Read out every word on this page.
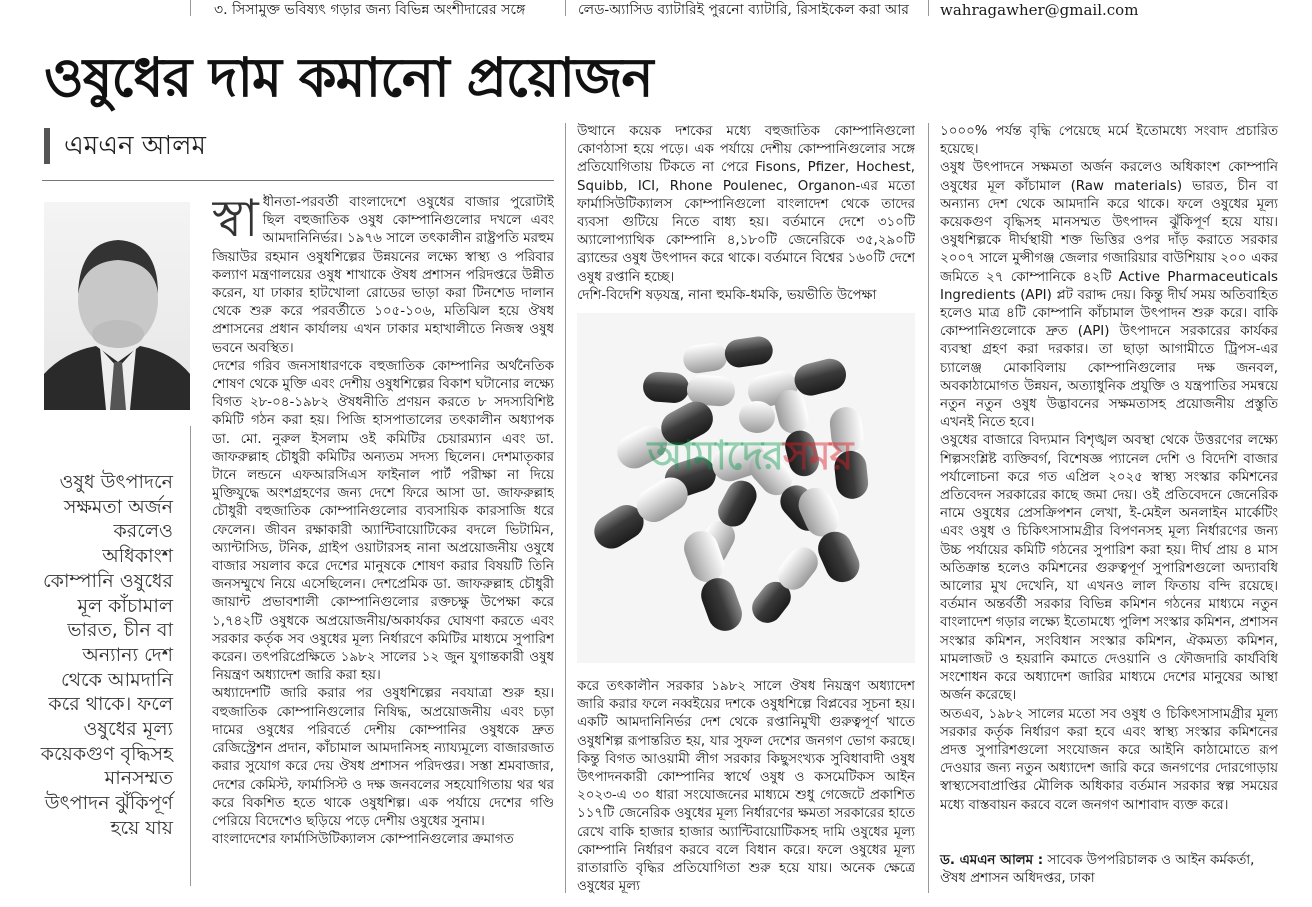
৩. সিসামুক্ত ভবিষ্যৎ গড়ার জন্য বিভিন্ন অংশীদারের সঙ্গে	লেড-অ্যাসিড ব্যাটারিই পুরনো ব্যাটারি, রিসাইকেল করা আর	wahragawher@gmail.com
ওষুধের দাম কমানো প্রয়োজন
এমএন আলম
ওষুধ উৎপাদনে সক্ষমতা অর্জন করলেও অধিকাংশ কোম্পানি ওষুধের মূল কাঁচামাল ভারত, চীন বা অন্যান্য দেশ থেকে আমদানি করে থাকে। ফলে ওষুধের মূল্য কয়েকগুণ বৃদ্ধিসহ মানসম্মত উৎপাদন ঝুঁকিপূর্ণ হয়ে যায়

স্বা ধীনতা-পরবর্তী বাংলাদেশে ওষুধের বাজার পুরোটাই ছিল বহুজাতিক ওষুধ কোম্পানিগুলোর দখলে এবং আমদানিনির্ভর। ১৯৭৬ সালে তৎকালীন রাষ্ট্রপতি মরহুম জিয়াউর রহমান ওষুধশিল্পের উন্নয়নের লক্ষ্যে স্বাস্থ্য ও পরিবার কল্যাণ মন্ত্রণালয়ের ওষুধ শাখাকে ঔষধ প্রশাসন পরিদপ্তরে উন্নীত করেন, যা ঢাকার হাটখোলা রোডের ভাড়া করা টিনশেড দালান থেকে শুরু করে পরবর্তীতে ১০৫-১০৬, মতিঝিল হয়ে ঔষধ প্রশাসনের প্রধান কার্যালয় এখন ঢাকার মহাখালীতে নিজস্ব ওষুধ ভবনে অবস্থিত।

দেশের গরিব জনসাধারণকে বহুজাতিক কোম্পানির অর্থনৈতিক শোষণ থেকে মুক্তি এবং দেশীয় ওষুধশিল্পের বিকাশ ঘটানোর লক্ষ্যে বিগত ২৮-০৪-১৯৮২ ঔষধনীতি প্রণয়ন করতে ৮ সদস্যবিশিষ্ট কমিটি গঠন করা হয়। পিজি হাসপাতালের তৎকালীন অধ্যাপক ডা. মো. নুরুল ইসলাম ওই কমিটির চেয়ারম্যান এবং ডা. জাফরুল্লাহ চৌধুরী কমিটির অন্যতম সদস্য ছিলেন। দেশমাতৃকার টানে লন্ডনে এফআরসিএস ফাইনাল পার্ট পরীক্ষা না দিয়ে মুক্তিযুদ্ধে অংশগ্রহণের জন্য দেশে ফিরে আসা ডা. জাফরুল্লাহ চৌধুরী বহুজাতিক কোম্পানিগুলোর ব্যবসায়িক কারসাজি ধরে ফেলেন। জীবন রক্ষাকারী অ্যান্টিবায়োটিকের বদলে ভিটামিন, অ্যান্টাসিড, টনিক, গ্রাইপ ওয়াটারসহ নানা অপ্রয়োজনীয় ওষুধে বাজার সয়লাব করে দেশের মানুষকে শোষণ করার বিষয়টি তিনি জনসম্মুখে নিয়ে এসেছিলেন। দেশপ্রেমিক ডা. জাফরুল্লাহ চৌধুরী জায়ান্ট প্রভাবশালী কোম্পানিগুলোর রক্তচক্ষু উপেক্ষা করে ১,৭৪২টি ওষুধকে অপ্রয়োজনীয়/অকার্যকর ঘোষণা করতে এবং সরকার কর্তৃক সব ওষুধের মূল্য নির্ধারণে কমিটির মাধ্যমে সুপারিশ করেন। তৎপরিপ্রেক্ষিতে ১৯৮২ সালের ১২ জুন যুগান্তকারী ওষুধ নিয়ন্ত্রণ অধ্যাদেশ জারি করা হয়।

অধ্যাদেশটি জারি করার পর ওষুধশিল্পের নবযাত্রা শুরু হয়। বহুজাতিক কোম্পানিগুলোর নিষিদ্ধ, অপ্রয়োজনীয় এবং চড়া দামের ওষুধের পরিবর্তে দেশীয় কোম্পানির ওষুধকে দ্রুত রেজিস্ট্রেশন প্রদান, কাঁচামাল আমদানিসহ ন্যায্যমূল্যে বাজারজাত করার সুযোগ করে দেয় ঔষধ প্রশাসন পরিদপ্তর। সস্তা শ্রমবাজার, দেশের কেমিস্ট, ফার্মাসিস্ট ও দক্ষ জনবলের সহযোগিতায় থর থর করে বিকশিত হতে থাকে ওষুধশিল্প। এক পর্যায়ে দেশের গণ্ডি পেরিয়ে বিদেশেও ছড়িয়ে পড়ে দেশীয় ওষুধের সুনাম।

বাংলাদেশের ফার্মাসিউটিক্যালস কোম্পানিগুলোর ক্রমাগত

উত্থানে কয়েক দশকের মধ্যে বহুজাতিক কোম্পানিগুলো কোণঠাসা হয়ে পড়ে। এক পর্যায়ে দেশীয় কোম্পানিগুলোর সঙ্গে প্রতিযোগিতায় টিকতে না পেরে Fisons, Pfizer, Hochest, Squibb, ICI, Rhone Poulenec, Organon-এর মতো ফার্মাসিউটিক্যালস কোম্পানিগুলো বাংলাদেশ থেকে তাদের ব্যবসা গুটিয়ে নিতে বাধ্য হয়। বর্তমানে দেশে ৩১০টি অ্যালোপ্যাথিক কোম্পানি ৪,১৮০টি জেনেরিকে ৩৫,২৯০টি ব্র্যান্ডের ওষুধ উৎপাদন করে থাকে। বর্তমানে বিশ্বের ১৬০টি দেশে ওষুধ রপ্তানি হচ্ছে।

দেশি-বিদেশি ষড়যন্ত্র, নানা হুমকি-ধমকি, ভয়ভীতি উপেক্ষা

আমাদেরসময়

করে তৎকালীন সরকার ১৯৮২ সালে ঔষধ নিয়ন্ত্রণ অধ্যাদেশ জারি করার ফলে নব্বইয়ের দশকে ওষুধশিল্পে বিপ্লবের সূচনা হয়। একটি আমদানিনির্ভর দেশ থেকে রপ্তানিমুখী গুরুত্বপূর্ণ খাতে ওষুধশিল্প রূপান্তরিত হয়, যার সুফল দেশের জনগণ ভোগ করছে। কিন্তু বিগত আওয়ামী লীগ সরকার কিছুসংখ্যক সুবিধাবাদী ওষুধ উৎপাদনকারী কোম্পানির স্বার্থে ওষুধ ও কসমেটিকস আইন ২০২৩-এ ৩০ ধারা সংযোজনের মাধ্যমে শুধু গেজেটে প্রকাশিত ১১৭টি জেনেরিক ওষুধের মূল্য নির্ধারণের ক্ষমতা সরকারের হাতে রেখে বাকি হাজার হাজার অ্যান্টিবায়োটিকসহ দামি ওষুধের মূল্য কোম্পানি নির্ধারণ করবে বলে বিধান করে। ফলে ওষুধের মূল্য রাতারাতি বৃদ্ধির প্রতিযোগিতা শুরু হয়ে যায়। অনেক ক্ষেত্রে ওষুধের মূল্য

১০০০% পর্যন্ত বৃদ্ধি পেয়েছে মর্মে ইতোমধ্যে সংবাদ প্রচারিত হয়েছে।

ওষুধ উৎপাদনে সক্ষমতা অর্জন করলেও অধিকাংশ কোম্পানি ওষুধের মূল কাঁচামাল (Raw materials) ভারত, চীন বা অন্যান্য দেশ থেকে আমদানি করে থাকে। ফলে ওষুধের মূল্য কয়েকগুণ বৃদ্ধিসহ মানসম্মত উৎপাদন ঝুঁকিপূর্ণ হয়ে যায়। ওষুধশিল্পকে দীর্ঘস্থায়ী শক্ত ভিত্তির ওপর দাঁড় করাতে সরকার ২০০৭ সালে মুন্সীগঞ্জ জেলার গজারিয়ার বাউশিয়ায় ২০০ একর জমিতে ২৭ কোম্পানিকে ৪২টি Active Pharmaceuticals Ingredients (API) প্লট বরাদ্দ দেয়। কিন্তু দীর্ঘ সময় অতিবাহিত হলেও মাত্র ৪টি কোম্পানি কাঁচামাল উৎপাদন শুরু করে। বাকি কোম্পানিগুলোকে দ্রুত (API) উৎপাদনে সরকারের কার্যকর ব্যবস্থা গ্রহণ করা দরকার। তা ছাড়া আগামীতে ট্রিপস-এর চ্যালেঞ্জ মোকাবিলায় কোম্পানিগুলোর দক্ষ জনবল, অবকাঠামোগত উন্নয়ন, অত্যাধুনিক প্রযুক্তি ও যন্ত্রপাতির সমন্বয়ে নতুন নতুন ওষুধ উদ্ভাবনের সক্ষমতাসহ প্রয়োজনীয় প্রস্তুতি এখনই নিতে হবে।

ওষুধের বাজারে বিদ্যমান বিশৃঙ্খল অবস্থা থেকে উত্তরণের লক্ষ্যে শিল্পসংশ্লিষ্ট ব্যক্তিবর্গ, বিশেষজ্ঞ প্যানেল দেশি ও বিদেশি বাজার পর্যালোচনা করে গত এপ্রিল ২০২৫ স্বাস্থ্য সংস্কার কমিশনের প্রতিবেদন সরকারের কাছে জমা দেয়। ওই প্রতিবেদনে জেনেরিক নামে ওষুধের প্রেসক্রিপশন লেখা, ই-মেইল অনলাইন মার্কেটিং এবং ওষুধ ও চিকিৎসাসামগ্রীর বিপণনসহ মূল্য নির্ধারণের জন্য উচ্চ পর্যায়ের কমিটি গঠনের সুপারিশ করা হয়। দীর্ঘ প্রায় ৪ মাস অতিক্রান্ত হলেও কমিশনের গুরুত্বপূর্ণ সুপারিশগুলো অদ্যাবধি আলোর মুখ দেখেনি, যা এখনও লাল ফিতায় বন্দি রয়েছে। বর্তমান অন্তর্বর্তী সরকার বিভিন্ন কমিশন গঠনের মাধ্যমে নতুন বাংলাদেশ গড়ার লক্ষ্যে ইতোমধ্যে পুলিশ সংস্কার কমিশন, প্রশাসন সংস্কার কমিশন, সংবিধান সংস্কার কমিশন, ঐকমত্য কমিশন, মামলাজট ও হয়রানি কমাতে দেওয়ানি ও ফৌজদারি কার্যবিধি সংশোধন করে অধ্যাদেশ জারির মাধ্যমে দেশের মানুষের আস্থা অর্জন করেছে।

অতএব, ১৯৮২ সালের মতো সব ওষুধ ও চিকিৎসাসামগ্রীর মূল্য সরকার কর্তৃক নির্ধারণ করা হবে এবং স্বাস্থ্য সংস্কার কমিশনের প্রদত্ত সুপারিশগুলো সংযোজন করে আইনি কাঠামোতে রূপ দেওয়ার জন্য নতুন অধ্যাদেশ জারি করে জনগণের দোরগোড়ায় স্বাস্থ্যসেবাপ্রাপ্তির মৌলিক অধিকার বর্তমান সরকার স্বল্প সময়ের মধ্যে বাস্তবায়ন করবে বলে জনগণ আশাবাদ ব্যক্ত করে।

ড. এমএন আলম : সাবেক উপপরিচালক ও আইন কর্মকর্তা, ঔষধ প্রশাসন অধিদপ্তর, ঢাকা
